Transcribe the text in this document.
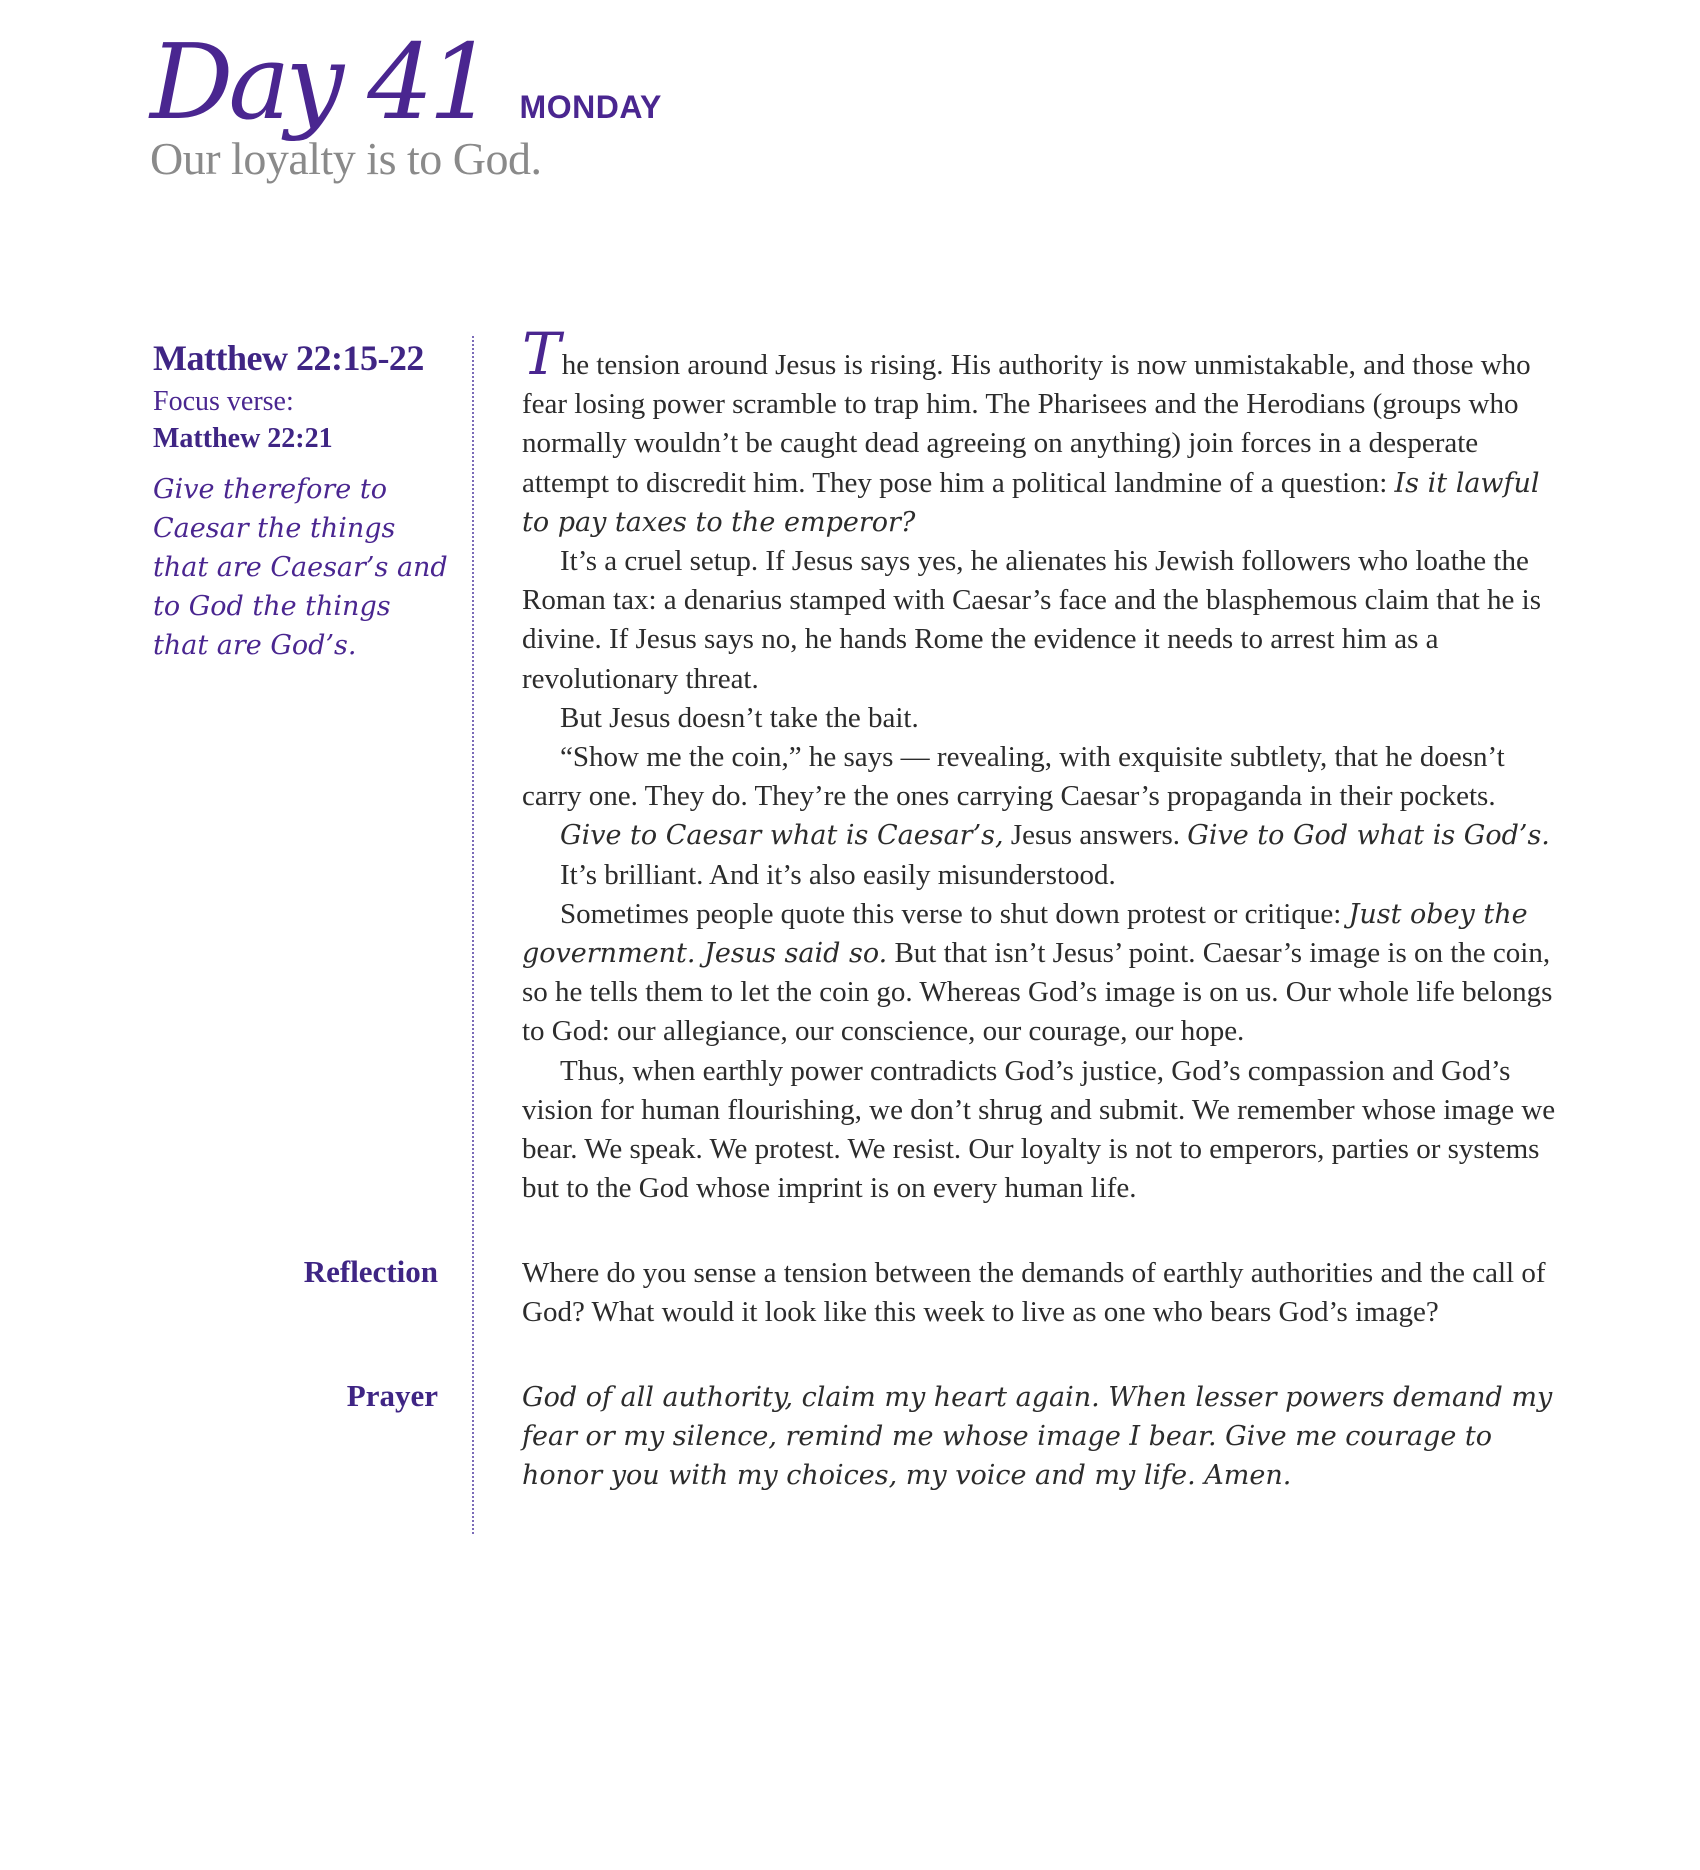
Day 41 MONDAY
Our loyalty is to God.
Matthew 22:15-22
Focus verse:
Matthew 22:21
Give therefore to Caesar the things that are Caesar’s and to God the things that are God’s.

The tension around Jesus is rising. His authority is now unmistakable, and those who fear losing power scramble to trap him. The Pharisees and the Herodians (groups who normally wouldn’t be caught dead agreeing on anything) join forces in a desperate attempt to discredit him. They pose him a political landmine of a question: Is it lawful to pay taxes to the emperor?

It’s a cruel setup. If Jesus says yes, he alienates his Jewish followers who loathe the Roman tax: a denarius stamped with Caesar’s face and the blasphemous claim that he is divine. If Jesus says no, he hands Rome the evidence it needs to arrest him as a revolutionary threat.

But Jesus doesn’t take the bait.

“Show me the coin,” he says — revealing, with exquisite subtlety, that he doesn’t carry one. They do. They’re the ones carrying Caesar’s propaganda in their pockets.

Give to Caesar what is Caesar’s, Jesus answers. Give to God what is God’s.

It’s brilliant. And it’s also easily misunderstood.

Sometimes people quote this verse to shut down protest or critique: Just obey the government. Jesus said so. But that isn’t Jesus’ point. Caesar’s image is on the coin, so he tells them to let the coin go. Whereas God’s image is on us. Our whole life belongs to God: our allegiance, our conscience, our courage, our hope.

Thus, when earthly power contradicts God’s justice, God’s compassion and God’s vision for human flourishing, we don’t shrug and submit. We remember whose image we bear. We speak. We protest. We resist. Our loyalty is not to emperors, parties or systems but to the God whose imprint is on every human life.

Reflection	Where do you sense a tension between the demands of earthly authorities and the call of God? What would it look like this week to live as one who bears God’s image?
Prayer	God of all authority, claim my heart again. When lesser powers demand my fear or my silence, remind me whose image I bear. Give me courage to honor you with my choices, my voice and my life. Amen.
